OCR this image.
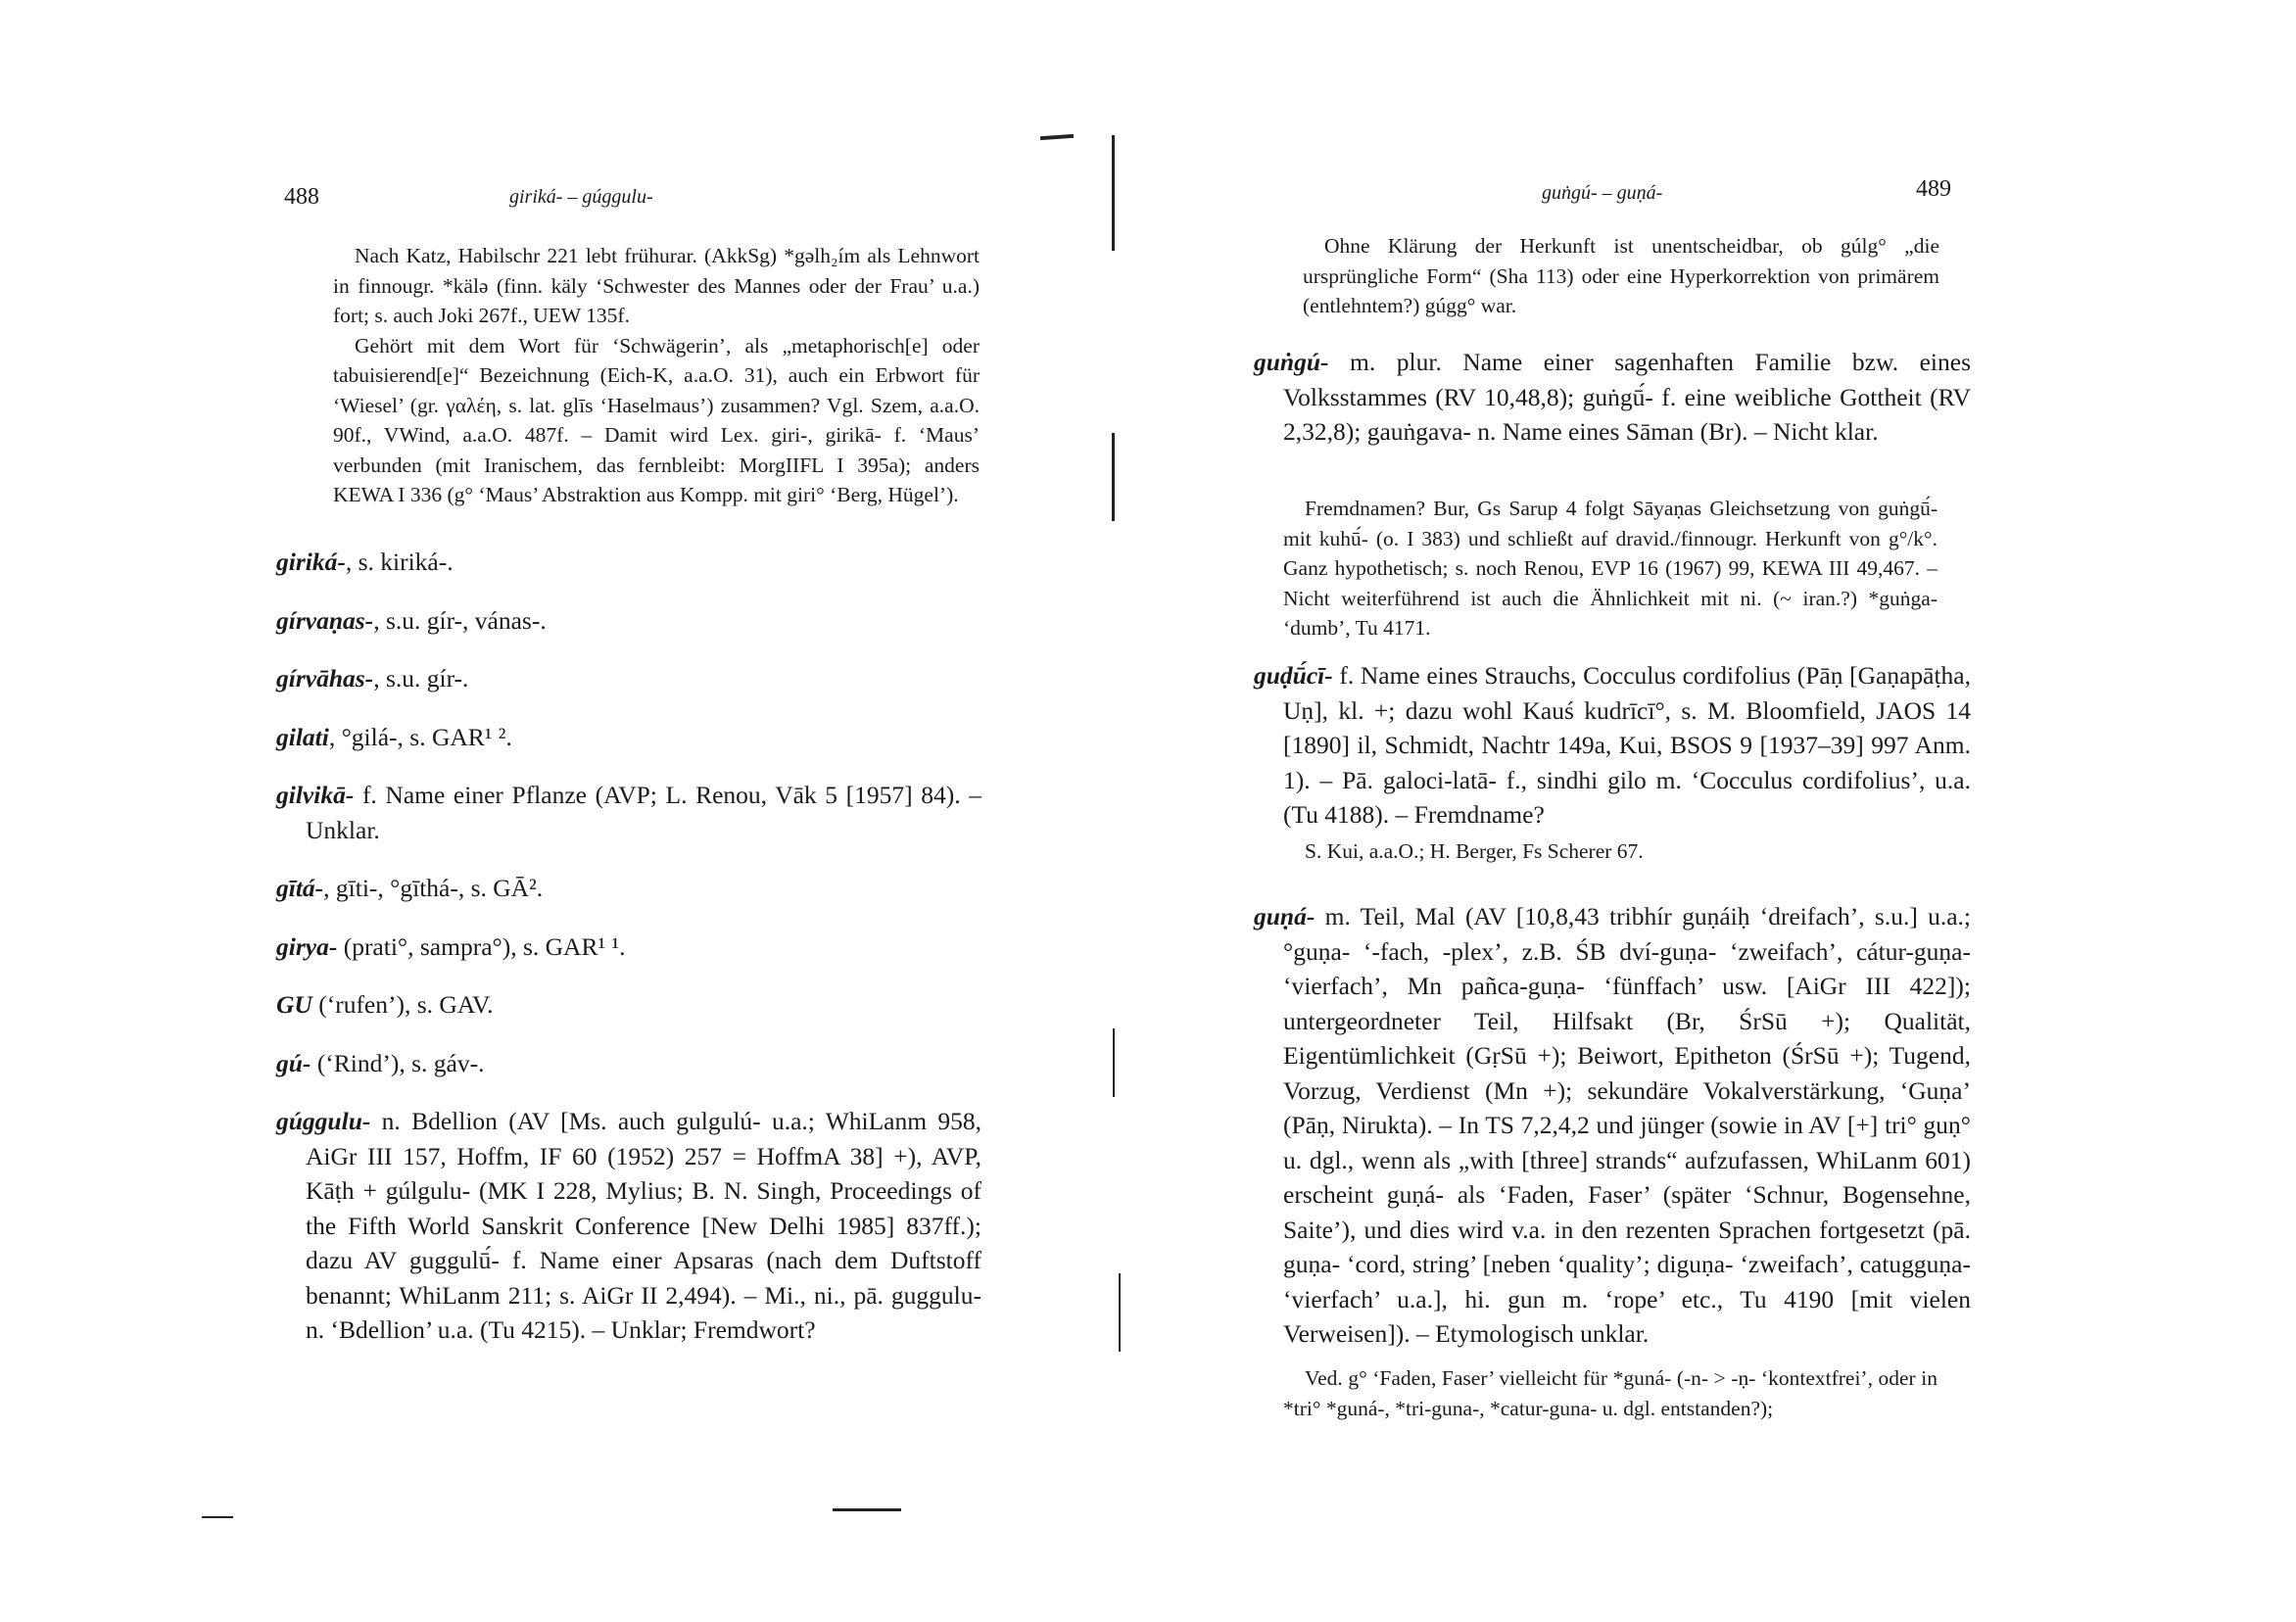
488	giriká- – gúggulu-
Nach Katz, Habilschr 221 lebt frühurar. (AkkSg) *gəlh₂ím als Lehnwort in finnougr. *kälə (finn. käly ‘Schwester des Mannes oder der Frau’ u.a.) fort; s. auch Joki 267f., UEW 135f.
Gehört mit dem Wort für ‘Schwägerin’, als „metaphorisch[e] oder tabuisierend[e]“ Bezeichnung (Eich-K, a.a.O. 31), auch ein Erbwort für ‘Wiesel’ (gr. γαλέη, s. lat. glīs ‘Haselmaus’) zusammen? Vgl. Szem, a.a.O. 90f., VWind, a.a.O. 487f. – Damit wird Lex. giri-, girikā- f. ‘Maus’ verbunden (mit Iranischem, das fernbleibt: MorgIIFL I 395a); anders KEWA I 336 (g° ‘Maus’ Abstraktion aus Kompp. mit giri° ‘Berg, Hügel’).
giriká-, s. kiriká-.
gírvaṇas-, s.u. gír-, vánas-.
gírvāhas-, s.u. gír-.
gilati, °gilá-, s. GAR¹ ².
gilvikā- f. Name einer Pflanze (AVP; L. Renou, Vāk 5 [1957] 84). – Unklar.
gītá-, gīti-, °gīthá-, s. GĀ².
girya- (prati°, sampra°), s. GAR¹ ¹.
GU (‘rufen’), s. GAV.
gú- (‘Rind’), s. gáv-.
gúggulu- n. Bdellion (AV [Ms. auch gulgulú- u.a.; WhiLanm 958, AiGr III 157, Hoffm, IF 60 (1952) 257 = HoffmA 38] +), AVP, Kāṭh + gúlgulu- (MK I 228, Mylius; B. N. Singh, Proceedings of the Fifth World Sanskrit Conference [New Delhi 1985] 837ff.); dazu AV guggulū́- f. Name einer Apsaras (nach dem Duftstoff benannt; WhiLanm 211; s. AiGr II 2,494). – Mi., ni., pā. guggulu- n. ‘Bdellion’ u.a. (Tu 4215). – Unklar; Fremdwort?
guṅgú- – guṇá-	489
Ohne Klärung der Herkunft ist unentscheidbar, ob gúlg° „die ursprüngliche Form“ (Sha 113) oder eine Hyperkorrektion von primärem (entlehntem?) gúgg° war.
guṅgú- m. plur. Name einer sagenhaften Familie bzw. eines Volksstammes (RV 10,48,8); guṅgū́- f. eine weibliche Gottheit (RV 2,32,8); gauṅgava- n. Name eines Sāman (Br). – Nicht klar.
Fremdnamen? Bur, Gs Sarup 4 folgt Sāyaṇas Gleichsetzung von guṅgū́- mit kuhū́- (o. I 383) und schließt auf dravid./finnougr. Herkunft von g°/k°. Ganz hypothetisch; s. noch Renou, EVP 16 (1967) 99, KEWA III 49,467. – Nicht weiterführend ist auch die Ähnlichkeit mit ni. (~ iran.?) *guṅga- ‘dumb’, Tu 4171.
guḍū́cī- f. Name eines Strauchs, Cocculus cordifolius (Pāṇ [Gaṇapāṭha, Uṇ], kl. +; dazu wohl Kauś kudrīcī°, s. M. Bloomfield, JAOS 14 [1890] il, Schmidt, Nachtr 149a, Kui, BSOS 9 [1937–39] 997 Anm. 1). – Pā. galoci-latā- f., sindhi gilo m. ‘Cocculus cordifolius’, u.a. (Tu 4188). – Fremdname?
S. Kui, a.a.O.; H. Berger, Fs Scherer 67.
guṇá- m. Teil, Mal (AV [10,8,43 tribhír guṇáiḥ ‘dreifach’, s.u.] u.a.; °guṇa- ‘-fach, -plex’, z.B. ŚB dví-guṇa- ‘zweifach’, cátur-guṇa- ‘vierfach’, Mn pañca-guṇa- ‘fünffach’ usw. [AiGr III 422]); untergeordneter Teil, Hilfsakt (Br, ŚrSū +); Qualität, Eigentümlichkeit (GṛSū +); Beiwort, Epitheton (ŚrSū +); Tugend, Vorzug, Verdienst (Mn +); sekundäre Vokalverstärkung, ‘Guṇa’ (Pāṇ, Nirukta). – In TS 7,2,4,2 und jünger (sowie in AV [+] tri° guṇ° u. dgl., wenn als „with [three] strands“ aufzufassen, WhiLanm 601) erscheint guṇá- als ‘Faden, Faser’ (später ‘Schnur, Bogensehne, Saite’), und dies wird v.a. in den rezenten Sprachen fortgesetzt (pā. guṇa- ‘cord, string’ [neben ‘quality’; diguṇa- ‘zweifach’, catugguṇa- ‘vierfach’ u.a.], hi. gun m. ‘rope’ etc., Tu 4190 [mit vielen Verweisen]). – Etymologisch unklar.
Ved. g° ‘Faden, Faser’ vielleicht für *guná- (-n- > -ṇ- ‘kontextfrei’, oder in *tri° *guná-, *tri-guna-, *catur-guna- u. dgl. entstanden?);
